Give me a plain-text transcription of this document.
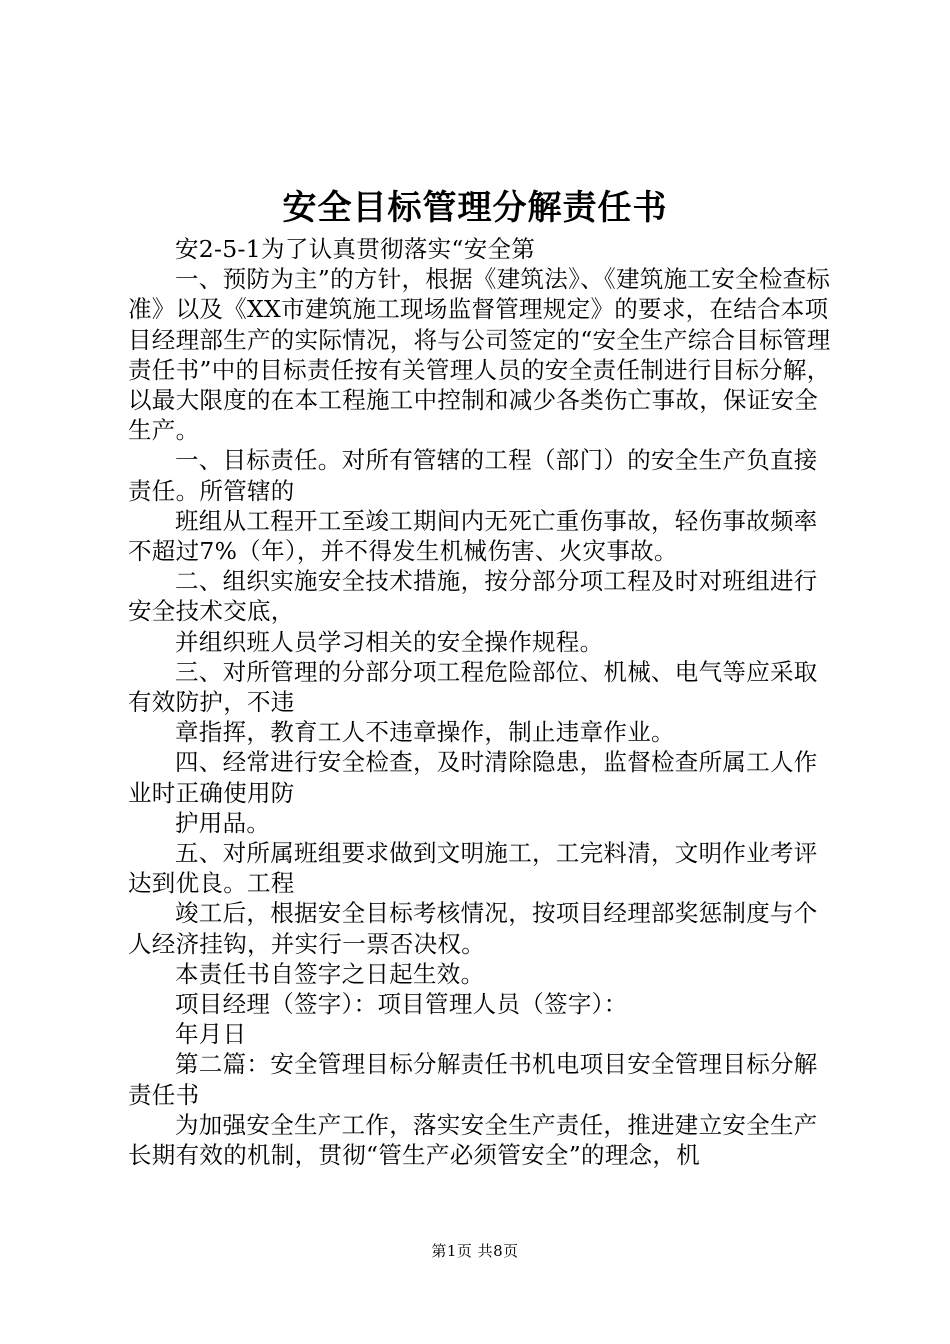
安全目标管理分解责任书

安2-5-1为了认真贯彻落实“安全第

一、预防为主”的方针，根据《建筑法》、《建筑施工安全检查标准》以及《XX市建筑施工现场监督管理规定》的要求，在结合本项目经理部生产的实际情况，将与公司签定的“安全生产综合目标管理责任书”中的目标责任按有关管理人员的安全责任制进行目标分解，以最大限度的在本工程施工中控制和减少各类伤亡事故，保证安全生产。

一、目标责任。对所有管辖的工程（部门）的安全生产负直接责任。所管辖的

班组从工程开工至竣工期间内无死亡重伤事故，轻伤事故频率不超过7%（年），并不得发生机械伤害、火灾事故。

二、组织实施安全技术措施，按分部分项工程及时对班组进行安全技术交底，

并组织班人员学习相关的安全操作规程。

三、对所管理的分部分项工程危险部位、机械、电气等应采取有效防护，不违

章指挥，教育工人不违章操作，制止违章作业。

四、经常进行安全检查，及时清除隐患，监督检查所属工人作业时正确使用防

护用品。

五、对所属班组要求做到文明施工，工完料清，文明作业考评达到优良。工程

竣工后，根据安全目标考核情况，按项目经理部奖惩制度与个人经济挂钩，并实行一票否决权。

本责任书自签字之日起生效。

项目经理（签字）：项目管理人员（签字）：

年月日

第二篇：安全管理目标分解责任书机电项目安全管理目标分解责任书

为加强安全生产工作，落实安全生产责任，推进建立安全生产长期有效的机制，贯彻“管生产必须管安全”的理念，机

第1页 共8页
